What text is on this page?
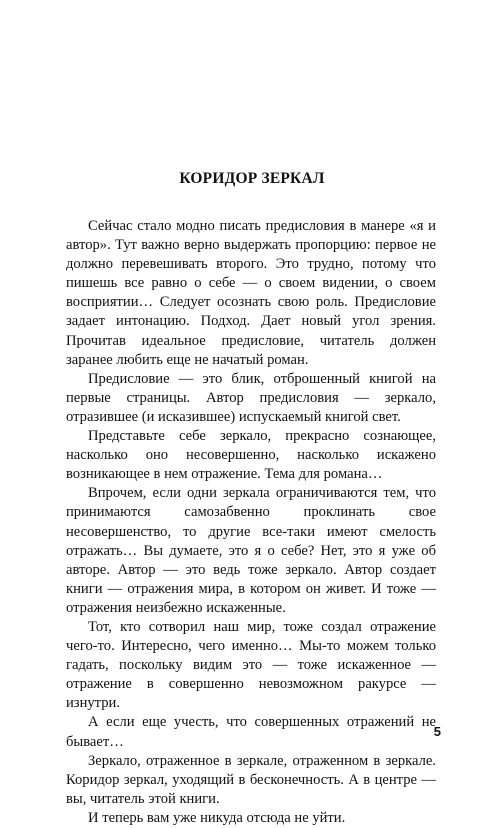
КОРИДОР ЗЕРКАЛ

Сейчас стало модно писать предисловия в манере «я и автор». Тут важно верно выдержать пропорцию: первое не должно перевешивать второго. Это трудно, потому что пишешь все равно о себе — о своем видении, о своем восприятии… Следует осознать свою роль. Предисловие задает интонацию. Подход. Дает новый угол зрения. Прочитав идеальное предисловие, читатель должен заранее любить еще не начатый роман.

Предисловие — это блик, отброшенный книгой на первые страницы. Автор предисловия — зеркало, отразившее (и исказившее) испускаемый книгой свет.

Представьте себе зеркало, прекрасно сознающее, насколько оно несовершенно, насколько искажено возникающее в нем отражение. Тема для романа…

Впрочем, если одни зеркала ограничиваются тем, что принимаются самозабвенно проклинать свое несовершенство, то другие все-таки имеют смелость отражать… Вы думаете, это я о себе? Нет, это я уже об авторе. Автор — это ведь тоже зеркало. Автор создает книги — отражения мира, в котором он живет. И тоже — отражения неизбежно искаженные.

Тот, кто сотворил наш мир, тоже создал отражение чего-то. Интересно, чего именно… Мы-то можем только гадать, поскольку видим это — тоже искаженное — отражение в совершенно невозможном ракурсе — изнутри.

А если еще учесть, что совершенных отражений не бывает…

Зеркало, отраженное в зеркале, отраженном в зеркале. Коридор зеркал, уходящий в бесконечность. А в центре — вы, читатель этой книги.

И теперь вам уже никуда отсюда не уйти.

5
